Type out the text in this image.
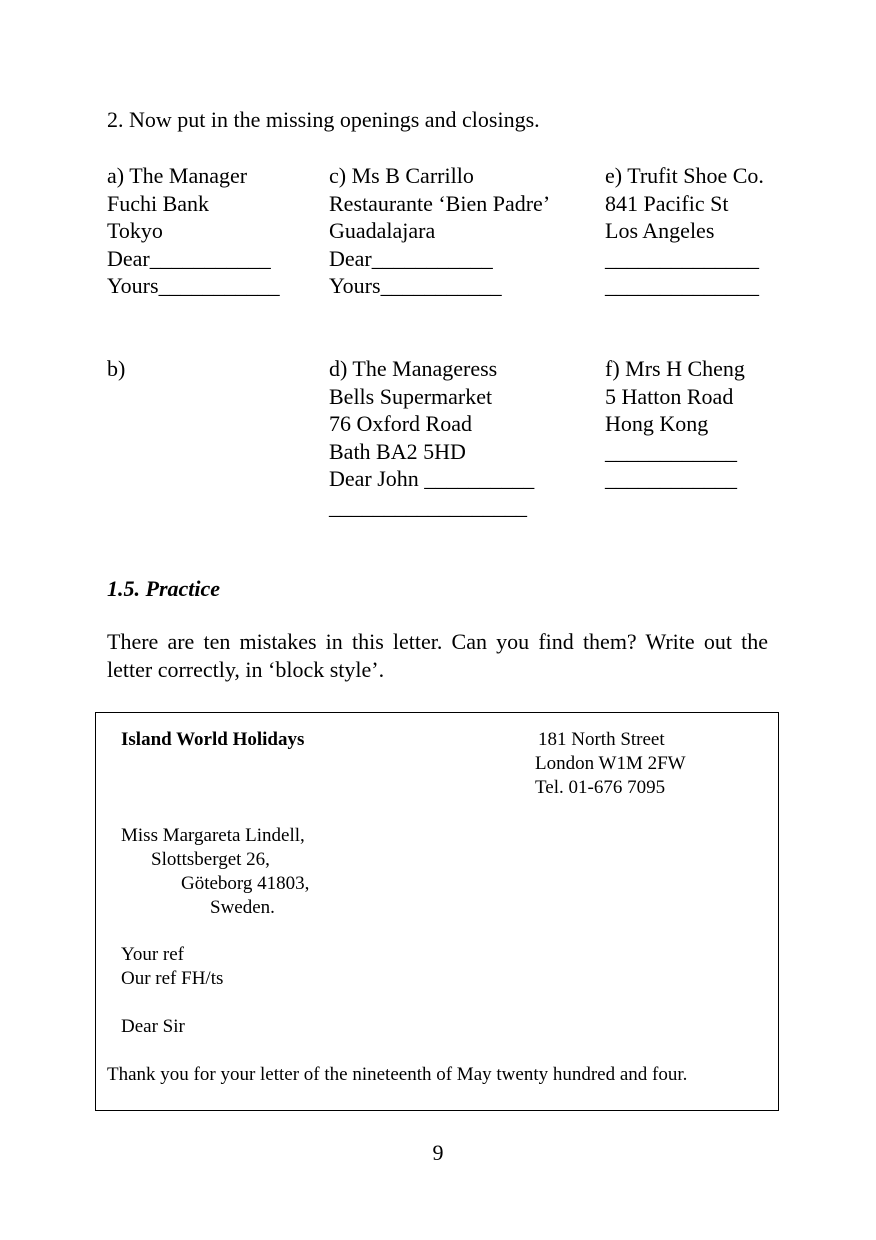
2. Now put in the missing openings and closings.
a) The Manager
Fuchi Bank
Tokyo
Dear___________
Yours___________
c) Ms B Carrillo
Restaurante ‘Bien Padre’
Guadalajara
Dear___________
Yours___________
e) Trufit Shoe Co.
841 Pacific St
Los Angeles
______________
______________
b)	d) The Manageress
Bells Supermarket
76 Oxford Road
Bath BA2 5HD
Dear John __________
__________________
f) Mrs H Cheng
5 Hatton Road
Hong Kong
____________
____________
1.5. Practice
There are ten mistakes in this letter. Can you find them? Write out the letter correctly, in ‘block style’.
Island World Holidays	181 North Street
London W1M 2FW
Tel. 01-676 7095
Miss Margareta Lindell,
Slottsberget 26,
Göteborg 41803,
Sweden.
Your ref
Our ref FH/ts
Dear Sir
Thank you for your letter of the nineteenth of May twenty hundred and four.
9
